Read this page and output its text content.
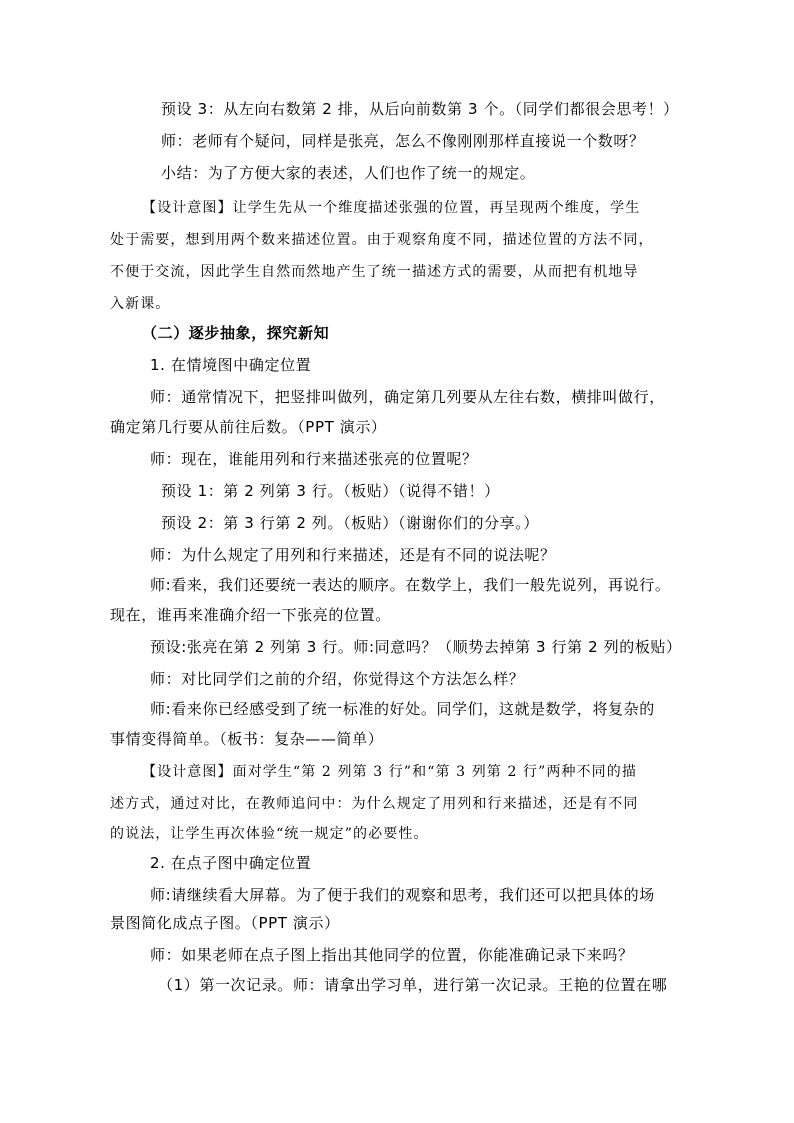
预设 3：从左向右数第 2 排，从后向前数第 3 个。（同学们都很会思考！）
师：老师有个疑问，同样是张亮，怎么不像刚刚那样直接说一个数呀？
小结：为了方便大家的表述，人们也作了统一的规定。
【设计意图】让学生先从一个维度描述张强的位置，再呈现两个维度，学生
处于需要，想到用两个数来描述位置。由于观察角度不同，描述位置的方法不同，
不便于交流，因此学生自然而然地产生了统一描述方式的需要，从而把有机地导
入新课。
（二）逐步抽象，探究新知
1. 在情境图中确定位置
师：通常情况下，把竖排叫做列，确定第几列要从左往右数，横排叫做行，
确定第几行要从前往后数。（PPT 演示）
师：现在，谁能用列和行来描述张亮的位置呢？
预设 1：第 2 列第 3 行。（板贴）（说得不错！）
预设 2：第 3 行第 2 列。（板贴）（谢谢你们的分享。）
师：为什么规定了用列和行来描述，还是有不同的说法呢？
师:看来，我们还要统一表达的顺序。在数学上，我们一般先说列，再说行。
现在，谁再来准确介绍一下张亮的位置。
预设:张亮在第 2 列第 3 行。师:同意吗？（顺势去掉第 3 行第 2 列的板贴）
师：对比同学们之前的介绍，你觉得这个方法怎么样？
师:看来你已经感受到了统一标准的好处。同学们，这就是数学，将复杂的
事情变得简单。（板书：复杂——简单）
【设计意图】面对学生“第 2 列第 3 行”和“第 3 列第 2 行”两种不同的描
述方式，通过对比，在教师追问中：为什么规定了用列和行来描述，还是有不同
的说法，让学生再次体验“统一规定”的必要性。
2. 在点子图中确定位置
师:请继续看大屏幕。为了便于我们的观察和思考，我们还可以把具体的场
景图简化成点子图。（PPT 演示）
师：如果老师在点子图上指出其他同学的位置，你能准确记录下来吗？
（1）第一次记录。师：请拿出学习单，进行第一次记录。王艳的位置在哪
